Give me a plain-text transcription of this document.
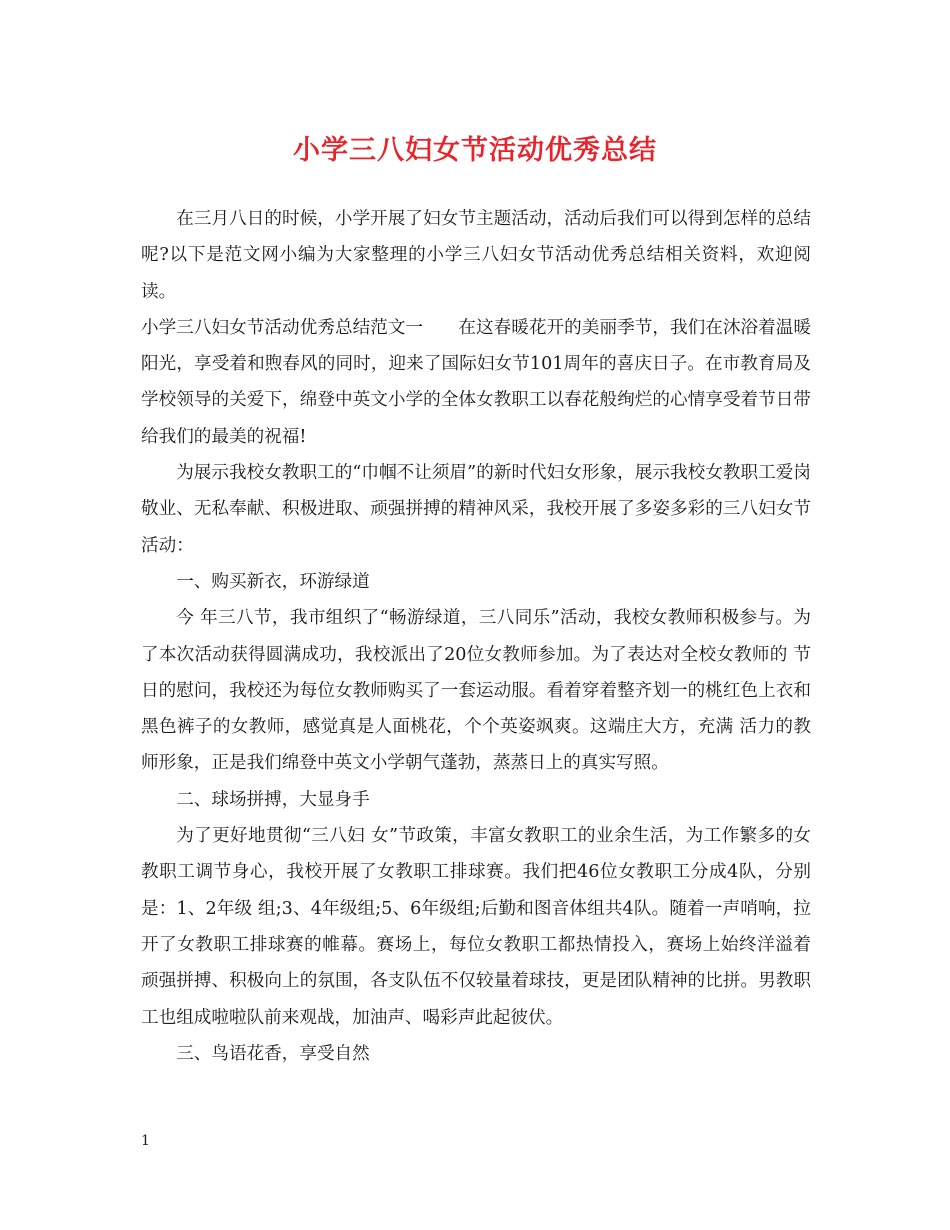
小学三八妇女节活动优秀总结

在三月八日的时候，小学开展了妇女节主题活动，活动后我们可以得到怎样的总结呢?以下是范文网小编为大家整理的小学三八妇女节活动优秀总结相关资料，欢迎阅读。

小学三八妇女节活动优秀总结范文一　　在这春暖花开的美丽季节，我们在沐浴着温暖阳光，享受着和煦春风的同时，迎来了国际妇女节101周年的喜庆日子。在市教育局及学校领导的关爱下，绵登中英文小学的全体女教职工以春花般绚烂的心情享受着节日带给我们的最美的祝福!

为展示我校女教职工的“巾帼不让须眉”的新时代妇女形象，展示我校女教职工爱岗敬业、无私奉献、积极进取、顽强拼搏的精神风采，我校开展了多姿多彩的三八妇女节活动：

一、购买新衣，环游绿道

今 年三八节，我市组织了“畅游绿道，三八同乐”活动，我校女教师积极参与。为了本次活动获得圆满成功，我校派出了20位女教师参加。为了表达对全校女教师的 节日的慰问，我校还为每位女教师购买了一套运动服。看着穿着整齐划一的桃红色上衣和黑色裤子的女教师，感觉真是人面桃花，个个英姿飒爽。这端庄大方，充满 活力的教师形象，正是我们绵登中英文小学朝气蓬勃，蒸蒸日上的真实写照。

二、球场拼搏，大显身手

为了更好地贯彻“三八妇 女”节政策，丰富女教职工的业余生活，为工作繁多的女教职工调节身心，我校开展了女教职工排球赛。我们把46位女教职工分成4队，分别是：1、2年级 组;3、4年级组;5、6年级组;后勤和图音体组共4队。随着一声哨响，拉开了女教职工排球赛的帷幕。赛场上，每位女教职工都热情投入，赛场上始终洋溢着 顽强拼搏、积极向上的氛围，各支队伍不仅较量着球技，更是团队精神的比拼。男教职工也组成啦啦队前来观战，加油声、喝彩声此起彼伏。

三、鸟语花香，享受自然

1
